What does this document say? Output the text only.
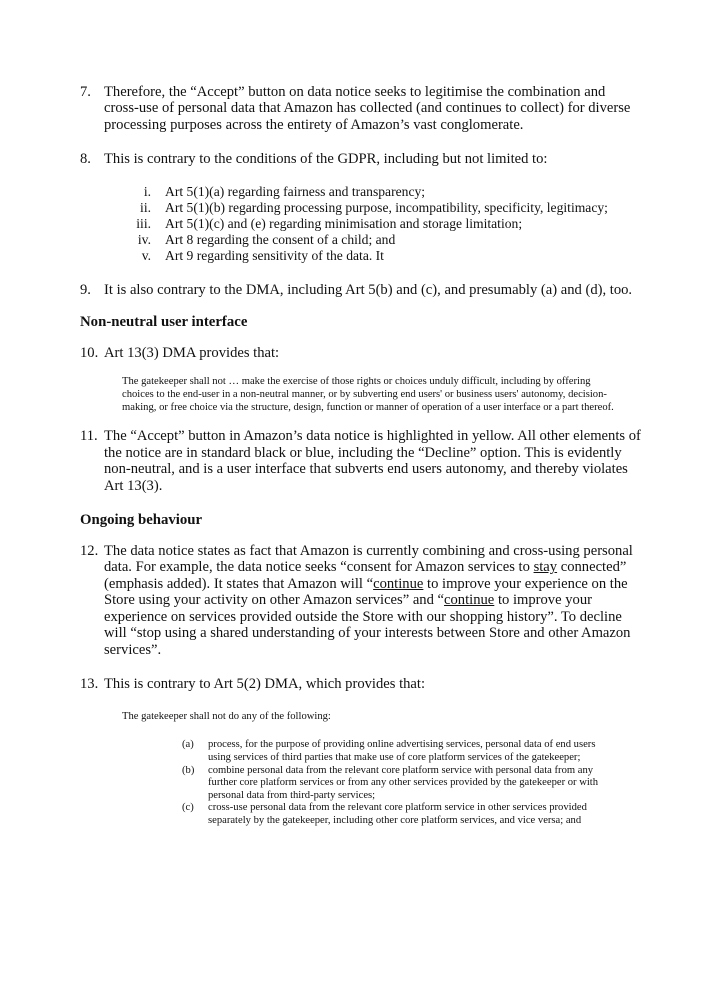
7. Therefore, the “Accept” button on data notice seeks to legitimise the combination and cross-use of personal data that Amazon has collected (and continues to collect) for diverse processing purposes across the entirety of Amazon’s vast conglomerate.
8. This is contrary to the conditions of the GDPR, including but not limited to:
i. Art 5(1)(a) regarding fairness and transparency;
ii. Art 5(1)(b) regarding processing purpose, incompatibility, specificity, legitimacy;
iii. Art 5(1)(c) and (e) regarding minimisation and storage limitation;
iv. Art 8 regarding the consent of a child; and
v. Art 9 regarding sensitivity of the data. It
9. It is also contrary to the DMA, including Art 5(b) and (c), and presumably (a) and (d), too.
Non-neutral user interface
10. Art 13(3) DMA provides that:
The gatekeeper shall not … make the exercise of those rights or choices unduly difficult, including by offering choices to the end-user in a non-neutral manner, or by subverting end users' or business users' autonomy, decision-making, or free choice via the structure, design, function or manner of operation of a user interface or a part thereof.
11. The “Accept” button in Amazon’s data notice is highlighted in yellow. All other elements of the notice are in standard black or blue, including the “Decline” option. This is evidently non-neutral, and is a user interface that subverts end users autonomy, and thereby violates Art 13(3).
Ongoing behaviour
12. The data notice states as fact that Amazon is currently combining and cross-using personal data. For example, the data notice seeks “consent for Amazon services to stay connected” (emphasis added). It states that Amazon will “continue to improve your experience on the Store using your activity on other Amazon services” and “continue to improve your experience on services provided outside the Store with our shopping history”. To decline will “stop using a shared understanding of your interests between Store and other Amazon services”.
13. This is contrary to Art 5(2) DMA, which provides that:
The gatekeeper shall not do any of the following:
(a)	process, for the purpose of providing online advertising services, personal data of end users using services of third parties that make use of core platform services of the gatekeeper;
(b)	combine personal data from the relevant core platform service with personal data from any further core platform services or from any other services provided by the gatekeeper or with personal data from third-party services;
(c)	cross-use personal data from the relevant core platform service in other services provided separately by the gatekeeper, including other core platform services, and vice versa; and
